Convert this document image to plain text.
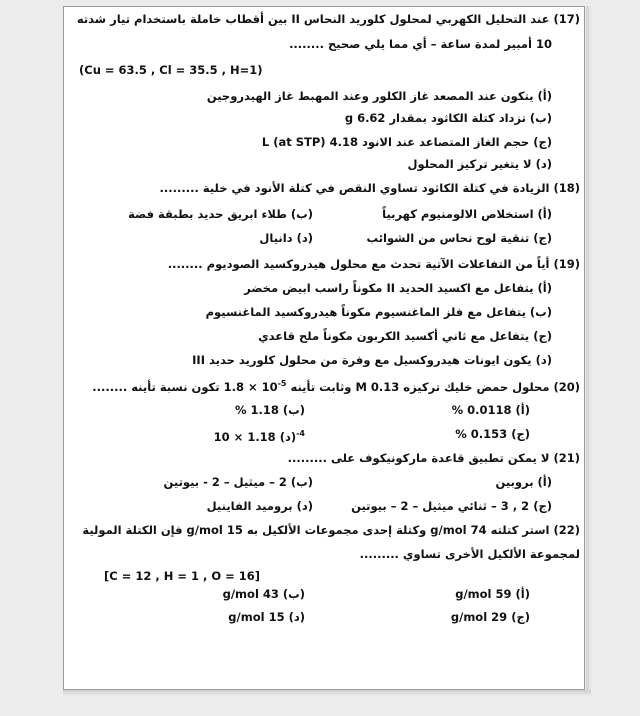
(17) عند التحليل الكهربي لمحلول كلوريد النحاس II بين أقطاب خاملة باستخدام تيار شدته
10 أمبير لمدة ساعة – أي مما يلي صحيح ........
(Cu = 63.5 , Cl = 35.5 , H=1)
(أ) يتكون عند المصعد غاز الكلور وعند المهبط غاز الهيدروجين
(ب) تزداد كتلة الكاثود بمقدار 6.62 g
(ج) حجم الغاز المتصاعد عند الانود 4.18 L (at STP)
(د) لا يتغير تركيز المحلول
(18) الزيادة في كتلة الكاثود تساوي النقص في كتلة الأنود في خلية .........
(أ) استخلاص الالومنيوم كهربياً
(ب) طلاء ابريق حديد بطبقة فضة
(ج) تنقية لوح نحاس من الشوائب
(د) دانيال
(19) أياً من التفاعلات الآتية تحدث مع محلول هيدروكسيد الصوديوم ........
(أ) يتفاعل مع اكسيد الحديد II مكوناً راسب ابيض مخضر
(ب) يتفاعل مع فلز الماغنسيوم مكوناً هيدروكسيد الماغنسيوم
(ج) يتفاعل مع ثاني أكسيد الكربون مكوناً ملح قاعدي
(د) يكون ايونات هيدروكسيل مع وفرة من محلول كلوريد حديد III
(20) محلول حمض خليك تركيزه 0.13 M وثابت تأينه $1.8 \times 10^{-5}$ تكون نسبة تأينه ........
(أ) 0.0118 %
(ب) 1.18 %
(ج) 0.153 %
(د) $1.18 \times 10^{-4}$
(21) لا يمكن تطبيق قاعدة ماركونيكوف على .........
(أ) بروبين
(ب) 2 – ميثيل – 2 - بيوتين
(ج) 2 , 3 – ثنائي ميثيل – 2 – بيوتين
(د) بروميد الفاينيل
(22) استر كتلته 74 g/mol وكتلة إحدى مجموعات الألكيل به 15 g/mol فإن الكتلة المولية
لمجموعة الألكيل الأخرى تساوي .........
[C = 12 , H = 1 , O = 16]
(أ) 59 g/mol
(ب) 43 g/mol
(ج) 29 g/mol
(د) 15 g/mol
